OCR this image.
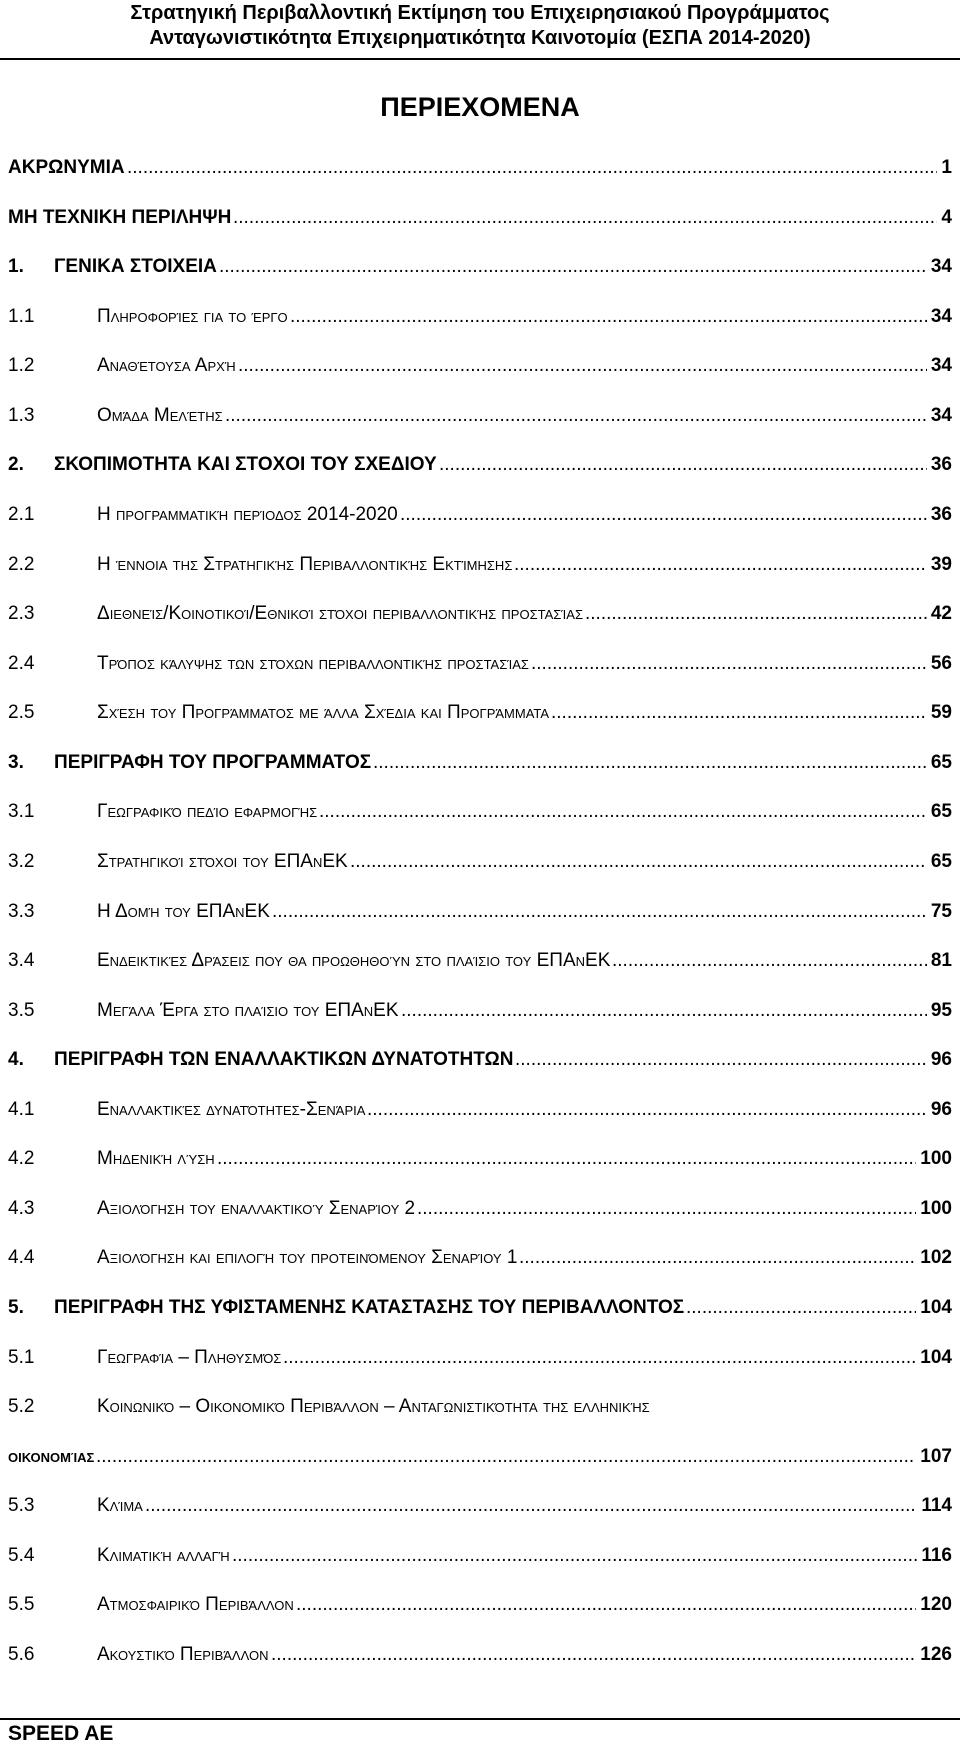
Στρατηγική Περιβαλλοντική Εκτίμηση του Επιχειρησιακού Προγράμματος
Ανταγωνιστικότητα Επιχειρηματικότητα Καινοτομία (ΕΣΠΑ 2014-2020)
ΠΕΡΙΕΧΟΜΕΝΑ
ΑΚΡΩΝΥΜΙΑ	1
.....
ΜΗ ΤΕΧΝΙΚΗ ΠΕΡΙΛΗΨΗ	4
.....
1. ΓΕΝΙΚΑ ΣΤΟΙΧΕΙΑ	34
.....
1.1	Πληροφορίες για το έργο	34
.....
1.2	Αναθέτουσα Αρχή	34
.....
1.3	Ομάδα Μελέτης	34
.....
2. ΣΚΟΠΙΜΟΤΗΤΑ ΚΑΙ ΣΤΟΧΟΙ ΤΟΥ ΣΧΕΔΙΟΥ	36
.....
2.1	Η προγραμματική περίοδος 2014-2020	36
.....
2.2	Η έννοια της Στρατηγικής Περιβαλλοντικής Εκτίμησης	39
.....
2.3	Διεθνείς/Κοινοτικοί/Εθνικοί στόχοι περιβαλλοντικής προστασίας	42
.....
2.4	Τρόπος κάλυψης των στόχων περιβαλλοντικής προστασίας	56
.....
2.5	Σχέση του Προγράμματος με άλλα Σχέδια και Προγράμματα	59
.....
3. ΠΕΡΙΓΡΑΦΗ ΤΟΥ ΠΡΟΓΡΑΜΜΑΤΟΣ	65
.....
3.1	Γεωγραφικό πεδίο εφαρμογής	65
.....
3.2	Στρατηγικοί στόχοι του ΕΠΑνΕΚ	65
.....
3.3	Η Δομή του ΕΠΑνΕΚ	75
.....
3.4	Ενδεικτικές Δράσεις που θα προωθηθούν στο πλαίσιο του ΕΠΑνΕΚ	81
.....
3.5	Μεγάλα Έργα στο πλαίσιο του ΕΠΑνΕΚ	95
.....
4. ΠΕΡΙΓΡΑΦΗ ΤΩΝ ΕΝΑΛΛΑΚΤΙΚΩΝ ΔΥΝΑΤΟΤΗΤΩΝ	96
.....
4.1	Εναλλακτικές δυνατότητες-Σενάρια	96
.....
4.2	Μηδενική λύση	100
.....
4.3	Αξιολόγηση του εναλλακτικού Σεναρίου 2	100
.....
4.4	Αξιολόγηση και επιλογή του προτεινόμενου Σεναρίου 1	102
.....
5. ΠΕΡΙΓΡΑΦΗ ΤΗΣ ΥΦΙΣΤΑΜΕΝΗΣ ΚΑΤΑΣΤΑΣΗΣ ΤΟΥ ΠΕΡΙΒΑΛΛΟΝΤΟΣ	104
.....
5.1	Γεωγραφία – Πληθυσμός	104
.....
5.2	Κοινωνικό – Οικονομικό Περιβάλλον – Ανταγωνιστικότητα της ελληνικής
οικονομίας	107
.....
5.3	Κλίμα	114
.....
5.4	Κλιματική αλλαγή	116
.....
5.5	Ατμοσφαιρικό Περιβάλλον	120
.....
5.6	Ακουστικό Περιβάλλον	126
.....
SPEED AE
